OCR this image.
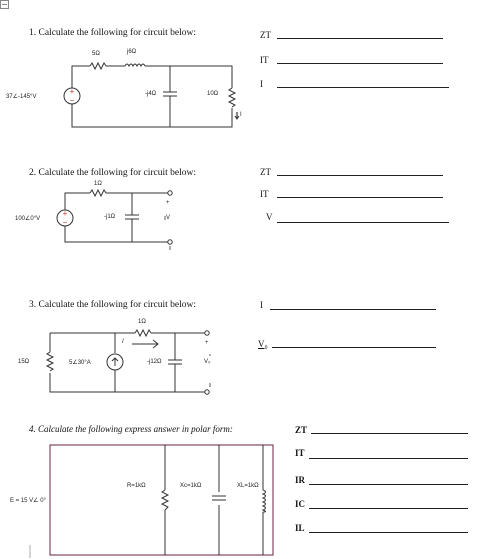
+
−
+
−
1. Calculate the following for circuit below:
2. Calculate the following for circuit below:
3. Calculate the following for circuit below:
4. Calculate the following express answer in polar form:
5Ω	j6Ω
37∠-145°V	-j4Ω	10Ω
I
1Ω
100∠0°V	-j1Ω
+
V
1Ω
I
15Ω	5∠30°A	-j12Ω
+
V₀
E = 15 V∠ 0°
R=1kΩ	Xc=1kΩ	XL=1kΩ
ZT
IT
I
ZT
IT
V
I
V₀
ZT
IT
IR
IC
IL
